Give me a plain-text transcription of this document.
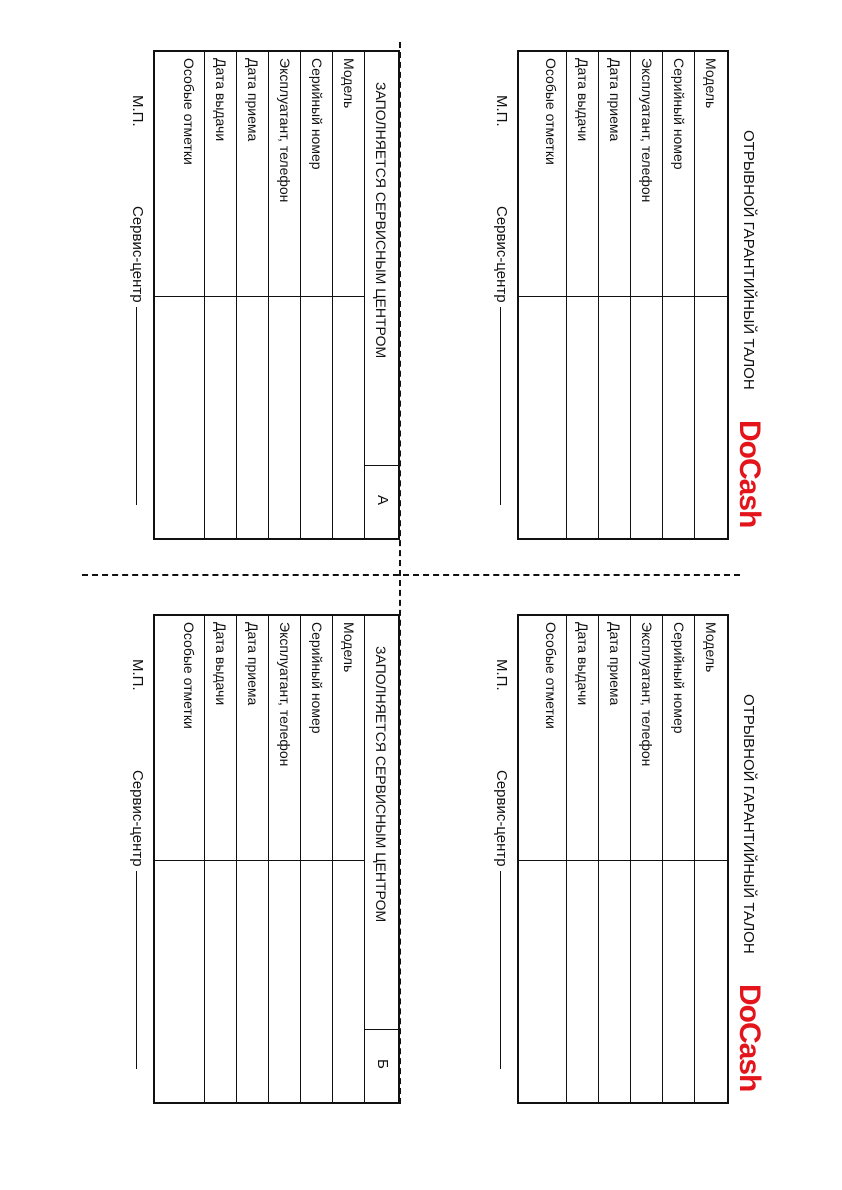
ОТРЫВНОЙ ГАРАНТИЙНЫЙ ТАЛОН
DoCash
Модель
Серийный номер
Эксплуатант, телефон
Дата приема
Дата выдачи
Особые отметки
М.П.
Сервис-центр
ЗАПОЛНЯЕТСЯ СЕРВИСНЫМ ЦЕНТРОМ
А
Модель
Серийный номер
Эксплуатант, телефон
Дата приема
Дата выдачи
Особые отметки
М.П.
Сервис-центр
ОТРЫВНОЙ ГАРАНТИЙНЫЙ ТАЛОН
DoCash
Модель
Серийный номер
Эксплуатант, телефон
Дата приема
Дата выдачи
Особые отметки
М.П.
Сервис-центр
ЗАПОЛНЯЕТСЯ СЕРВИСНЫМ ЦЕНТРОМ
Б
Модель
Серийный номер
Эксплуатант, телефон
Дата приема
Дата выдачи
Особые отметки
М.П.
Сервис-центр
